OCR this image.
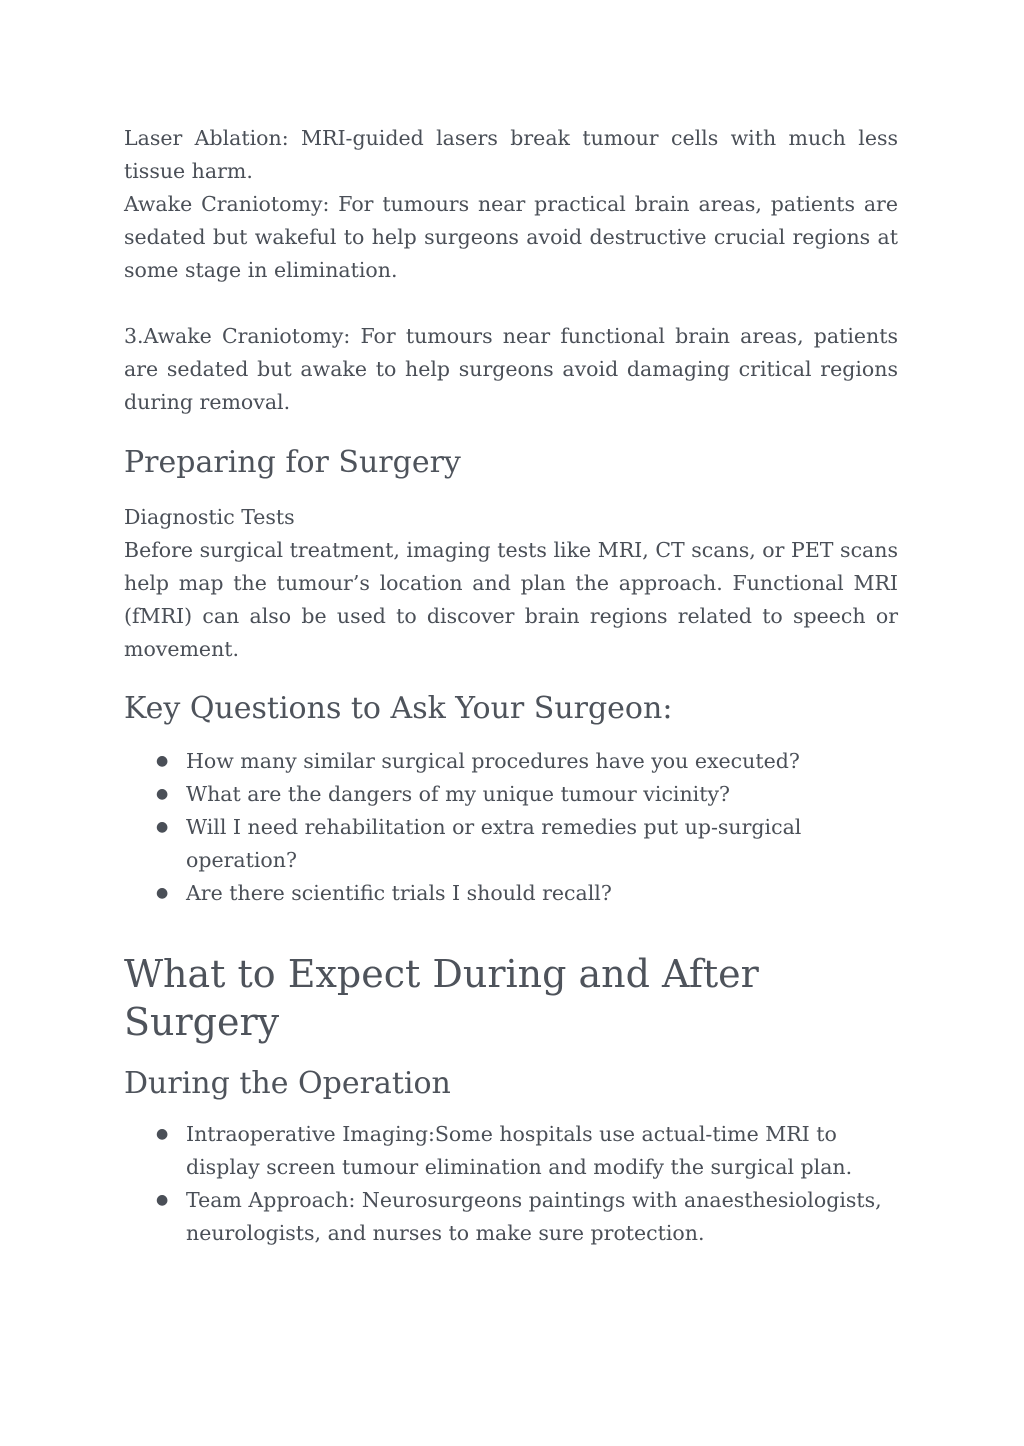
Laser Ablation: MRI-guided lasers break tumour cells with much less tissue harm.

Awake Craniotomy: For tumours near practical brain areas, patients are sedated but wakeful to help surgeons avoid destructive crucial regions at some stage in elimination.

3.Awake Craniotomy: For tumours near functional brain areas, patients are sedated but awake to help surgeons avoid damaging critical regions during removal.

Preparing for Surgery

Diagnostic Tests

Before surgical treatment, imaging tests like MRI, CT scans, or PET scans help map the tumour’s location and plan the approach. Functional MRI (fMRI) can also be used to discover brain regions related to speech or movement.

Key Questions to Ask Your Surgeon:
● How many similar surgical procedures have you executed?
● What are the dangers of my unique tumour vicinity?
● Will I need rehabilitation or extra remedies put up-surgical operation?
● Are there scientific trials I should recall?
What to Expect During and After Surgery
During the Operation
● Intraoperative Imaging:Some hospitals use actual-time MRI to display screen tumour elimination and modify the surgical plan.
● Team Approach: Neurosurgeons paintings with anaesthesiologists, neurologists, and nurses to make sure protection.
